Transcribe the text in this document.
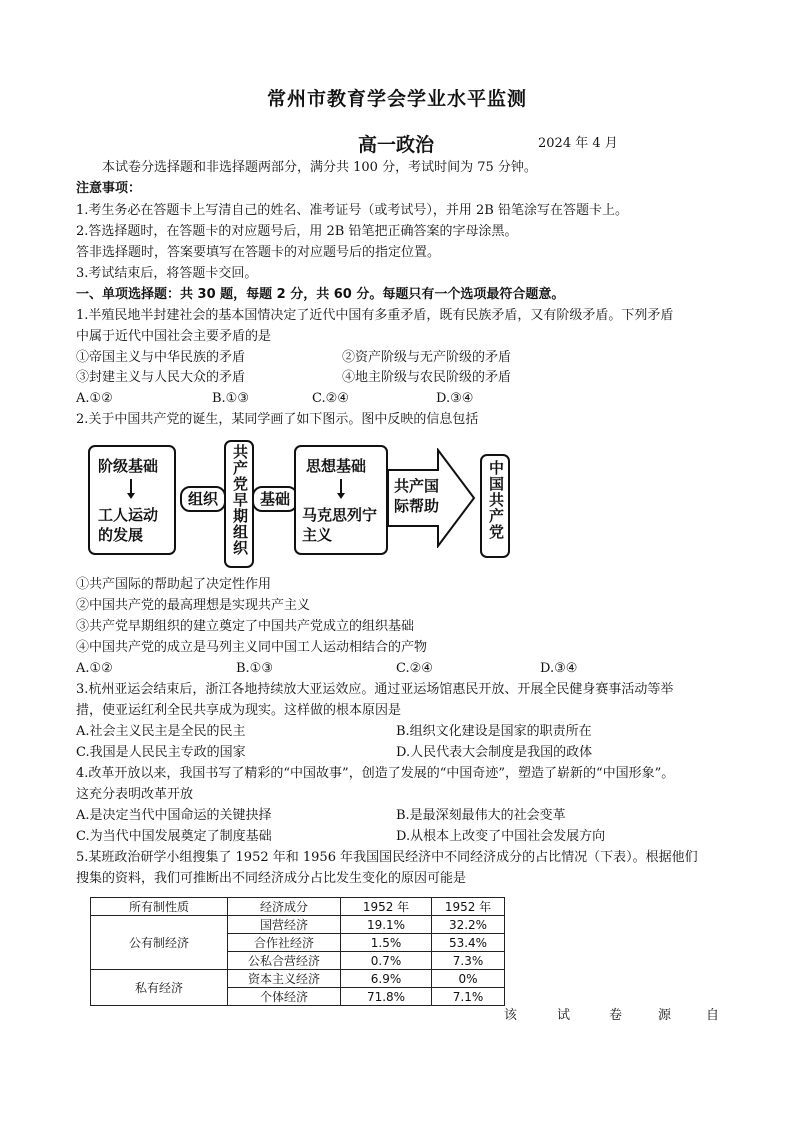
常州市教育学会学业水平监测
高一政治	2024 年 4 月
本试卷分选择题和非选择题两部分，满分共 100 分，考试时间为 75 分钟。
注意事项：
1.考生务必在答题卡上写清自己的姓名、准考证号（或考试号），并用 2B 铅笔涂写在答题卡上。
2.答选择题时，在答题卡的对应题号后，用 2B 铅笔把正确答案的字母涂黑。
答非选择题时，答案要填写在答题卡的对应题号后的指定位置。
3.考试结束后，将答题卡交回。
一、单项选择题：共 30 题，每题 2 分，共 60 分。每题只有一个选项最符合题意。
1.半殖民地半封建社会的基本国情决定了近代中国有多重矛盾，既有民族矛盾，又有阶级矛盾。下列矛盾
中属于近代中国社会主要矛盾的是
①帝国主义与中华民族的矛盾	②资产阶级与无产阶级的矛盾
③封建主义与人民大众的矛盾	④地主阶级与农民阶级的矛盾
A.①②	B.①③	C.②④	D.③④
2.关于中国共产党的诞生，某同学画了如下图示。图中反映的信息包括
阶级基础
工人运动的发展
组织 共产党早期组织 基础
思想基础
马克思列宁主义
共产国际帮助	中国共产党
①共产国际的帮助起了决定性作用
②中国共产党的最高理想是实现共产主义
③共产党早期组织的建立奠定了中国共产党成立的组织基础
④中国共产党的成立是马列主义同中国工人运动相结合的产物
A.①②	B.①③	C.②④	D.③④
3.杭州亚运会结束后，浙江各地持续放大亚运效应。通过亚运场馆惠民开放、开展全民健身赛事活动等举
措，使亚运红利全民共享成为现实。这样做的根本原因是
A.社会主义民主是全民的民主	B.组织文化建设是国家的职责所在
C.我国是人民民主专政的国家	D.人民代表大会制度是我国的政体
4.改革开放以来，我国书写了精彩的“中国故事”，创造了发展的“中国奇迹”，塑造了崭新的“中国形象”。
这充分表明改革开放
A.是决定当代中国命运的关键抉择	B.是最深刻最伟大的社会变革
C.为当代中国发展奠定了制度基础	D.从根本上改变了中国社会发展方向
5.某班政治研学小组搜集了 1952 年和 1956 年我国国民经济中不同经济成分的占比情况（下表）。根据他们
搜集的资料，我们可推断出不同经济成分占比发生变化的原因可能是
所有制性质	经济成分	1952 年	1952 年
公有制经济	国营经济	19.1%	32.2%
	合作社经济	1.5%	53.4%
	公私合营经济	0.7%	7.3%
私有经济	资本主义经济	6.9%	0%
	个体经济	71.8%	7.1%
该	试	卷	源	自
